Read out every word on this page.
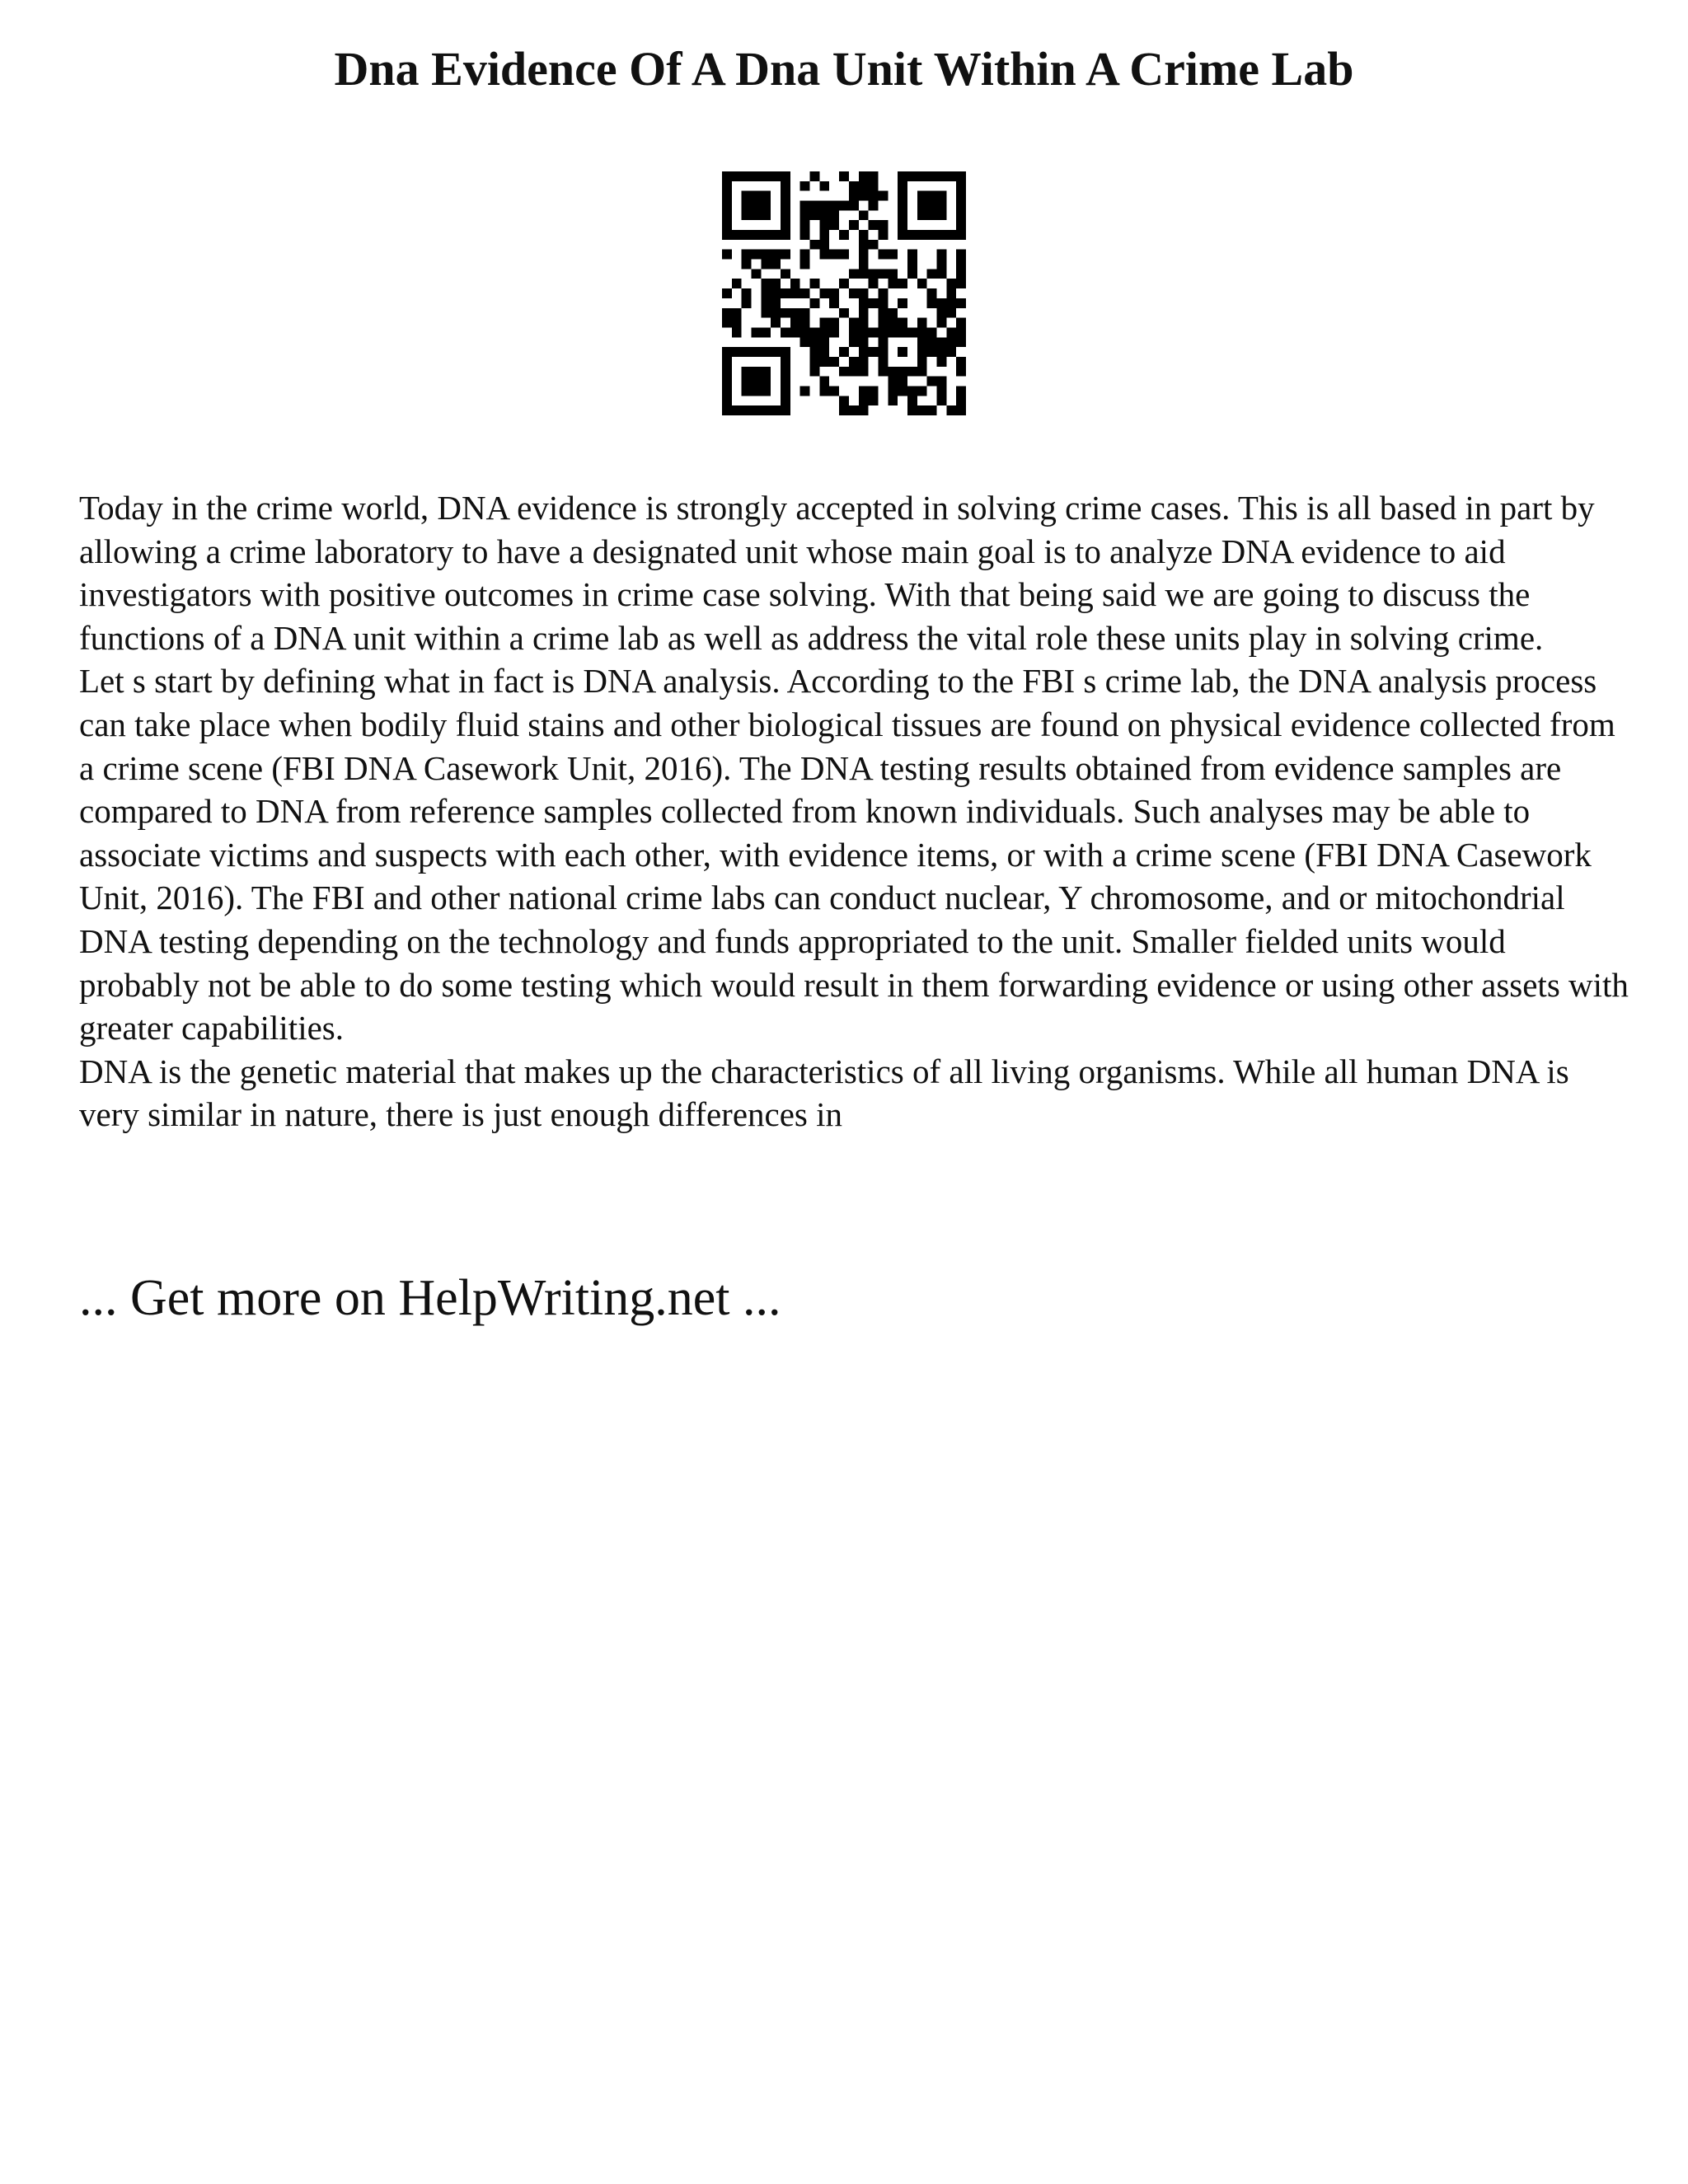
Dna Evidence Of A Dna Unit Within A Crime Lab

Today in the crime world, DNA evidence is strongly accepted in solving crime cases. This is all based in part by allowing a crime laboratory to have a designated unit whose main goal is to analyze DNA evidence to aid investigators with positive outcomes in crime case solving. With that being said we are going to discuss the functions of a DNA unit within a crime lab as well as address the vital role these units play in solving crime.

Let s start by defining what in fact is DNA analysis. According to the FBI s crime lab, the DNA analysis process can take place when bodily fluid stains and other biological tissues are found on physical evidence collected from a crime scene (FBI DNA Casework Unit, 2016). The DNA testing results obtained from evidence samples are compared to DNA from reference samples collected from known individuals. Such analyses may be able to associate victims and suspects with each other, with evidence items, or with a crime scene (FBI DNA Casework Unit, 2016). The FBI and other national crime labs can conduct nuclear, Y chromosome, and or mitochondrial DNA testing depending on the technology and funds appropriated to the unit. Smaller fielded units would probably not be able to do some testing which would result in them forwarding evidence or using other assets with greater capabilities.

DNA is the genetic material that makes up the characteristics of all living organisms. While all human DNA is very similar in nature, there is just enough differences in

... Get more on HelpWriting.net ...
